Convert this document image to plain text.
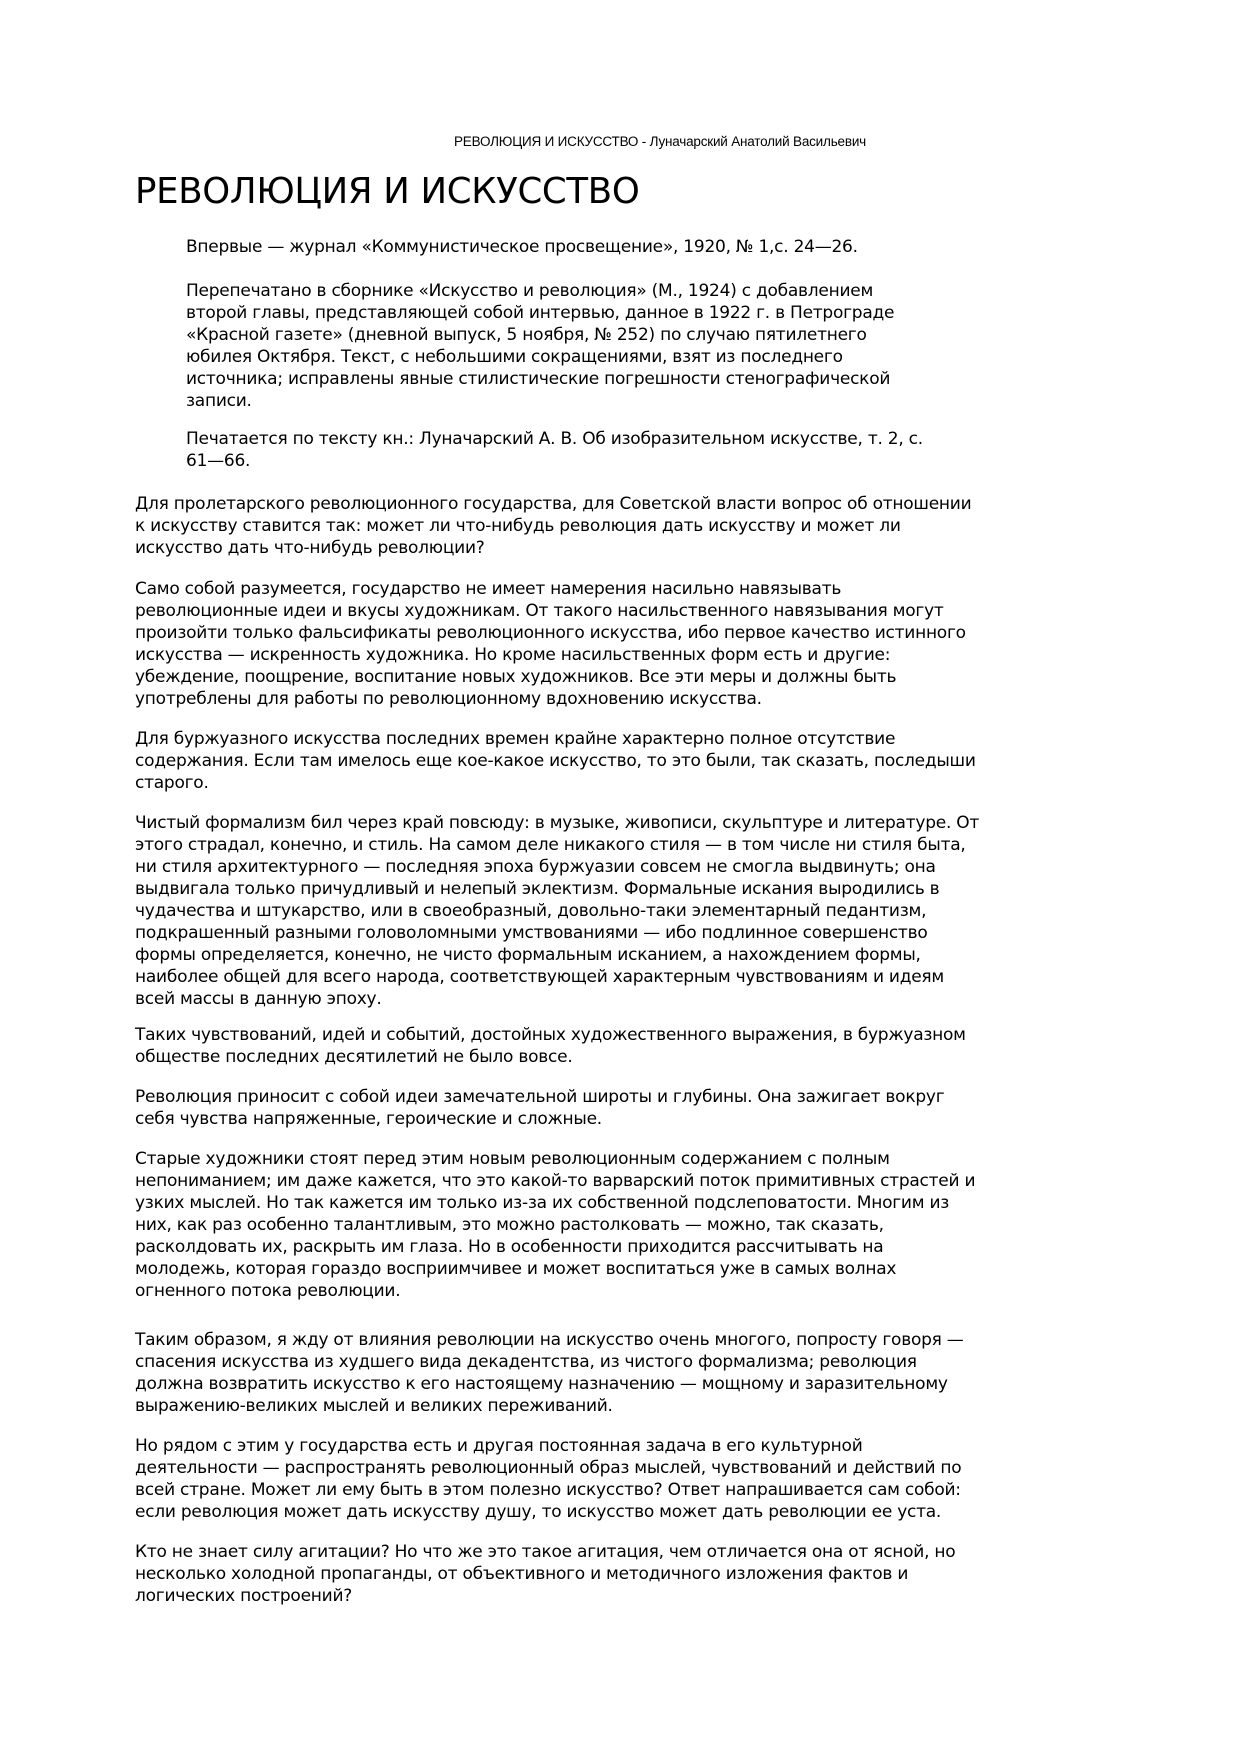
РЕВОЛЮЦИЯ И ИСКУССТВО - Луначарский Анатолий Васильевич
РЕВОЛЮЦИЯ И ИСКУССТВО

Впервые — журнал «Коммунистическое просвещение», 1920, № 1,с. 24—26.

Перепечатано в сборнике «Искусство и революция» (М., 1924) с добавлением
второй главы, представляющей собой интервью, данное в 1922 г. в Петрограде
«Красной газете» (дневной выпуск, 5 ноября, № 252) по случаю пятилетнего
юбилея Октября. Текст, с небольшими сокращениями, взят из последнего
источника; исправлены явные стилистические погрешности стенографической
записи.

Печатается по тексту кн.: Луначарский А. В. Об изобразительном искусстве, т. 2, с.
61—66.

Для пролетарского революционного государства, для Советской власти вопрос об отношении
к искусству ставится так: может ли что-нибудь революция дать искусству и может ли
искусство дать что-нибудь революции?

Само собой разумеется, государство не имеет намерения насильно навязывать
революционные идеи и вкусы художникам. От такого насильственного навязывания могут
произойти только фальсификаты революционного искусства, ибо первое качество истинного
искусства — искренность художника. Но кроме насильственных форм есть и другие:
убеждение, поощрение, воспитание новых художников. Все эти меры и должны быть
употреблены для работы по революционному вдохновению искусства.

Для буржуазного искусства последних времен крайне характерно полное отсутствие
содержания. Если там имелось еще кое-какое искусство, то это были, так сказать, последыши
старого.

Чистый формализм бил через край повсюду: в музыке, живописи, скульптуре и литературе. От
этого страдал, конечно, и стиль. На самом деле никакого стиля — в том числе ни стиля быта,
ни стиля архитектурного — последняя эпоха буржуазии совсем не смогла выдвинуть; она
выдвигала только причудливый и нелепый эклектизм. Формальные искания выродились в
чудачества и штукарство, или в своеобразный, довольно-таки элементарный педантизм,
подкрашенный разными головоломными умствованиями — ибо подлинное совершенство
формы определяется, конечно, не чисто формальным исканием, а нахождением формы,
наиболее общей для всего народа, соответствующей характерным чувствованиям и идеям
всей массы в данную эпоху.

Таких чувствований, идей и событий, достойных художественного выражения, в буржуазном
обществе последних десятилетий не было вовсе.

Революция приносит с собой идеи замечательной широты и глубины. Она зажигает вокруг
себя чувства напряженные, героические и сложные.

Старые художники стоят перед этим новым революционным содержанием с полным
непониманием; им даже кажется, что это какой-то варварский поток примитивных страстей и
узких мыслей. Но так кажется им только из-за их собственной подслеповатости. Многим из
них, как раз особенно талантливым, это можно растолковать — можно, так сказать,
расколдовать их, раскрыть им глаза. Но в особенности приходится рассчитывать на
молодежь, которая гораздо восприимчивее и может воспитаться уже в самых волнах
огненного потока революции.

Таким образом, я жду от влияния революции на искусство очень многого, попросту говоря —
спасения искусства из худшего вида декадентства, из чистого формализма; революция
должна возвратить искусство к его настоящему назначению — мощному и заразительному
выражению-великих мыслей и великих переживаний.

Но рядом с этим у государства есть и другая постоянная задача в его культурной
деятельности — распространять революционный образ мыслей, чувствований и действий по
всей стране. Может ли ему быть в этом полезно искусство? Ответ напрашивается сам собой:
если революция может дать искусству душу, то искусство может дать революции ее уста.

Кто не знает силу агитации? Но что же это такое агитация, чем отличается она от ясной, но
несколько холодной пропаганды, от объективного и методичного изложения фактов и
логических построений?
